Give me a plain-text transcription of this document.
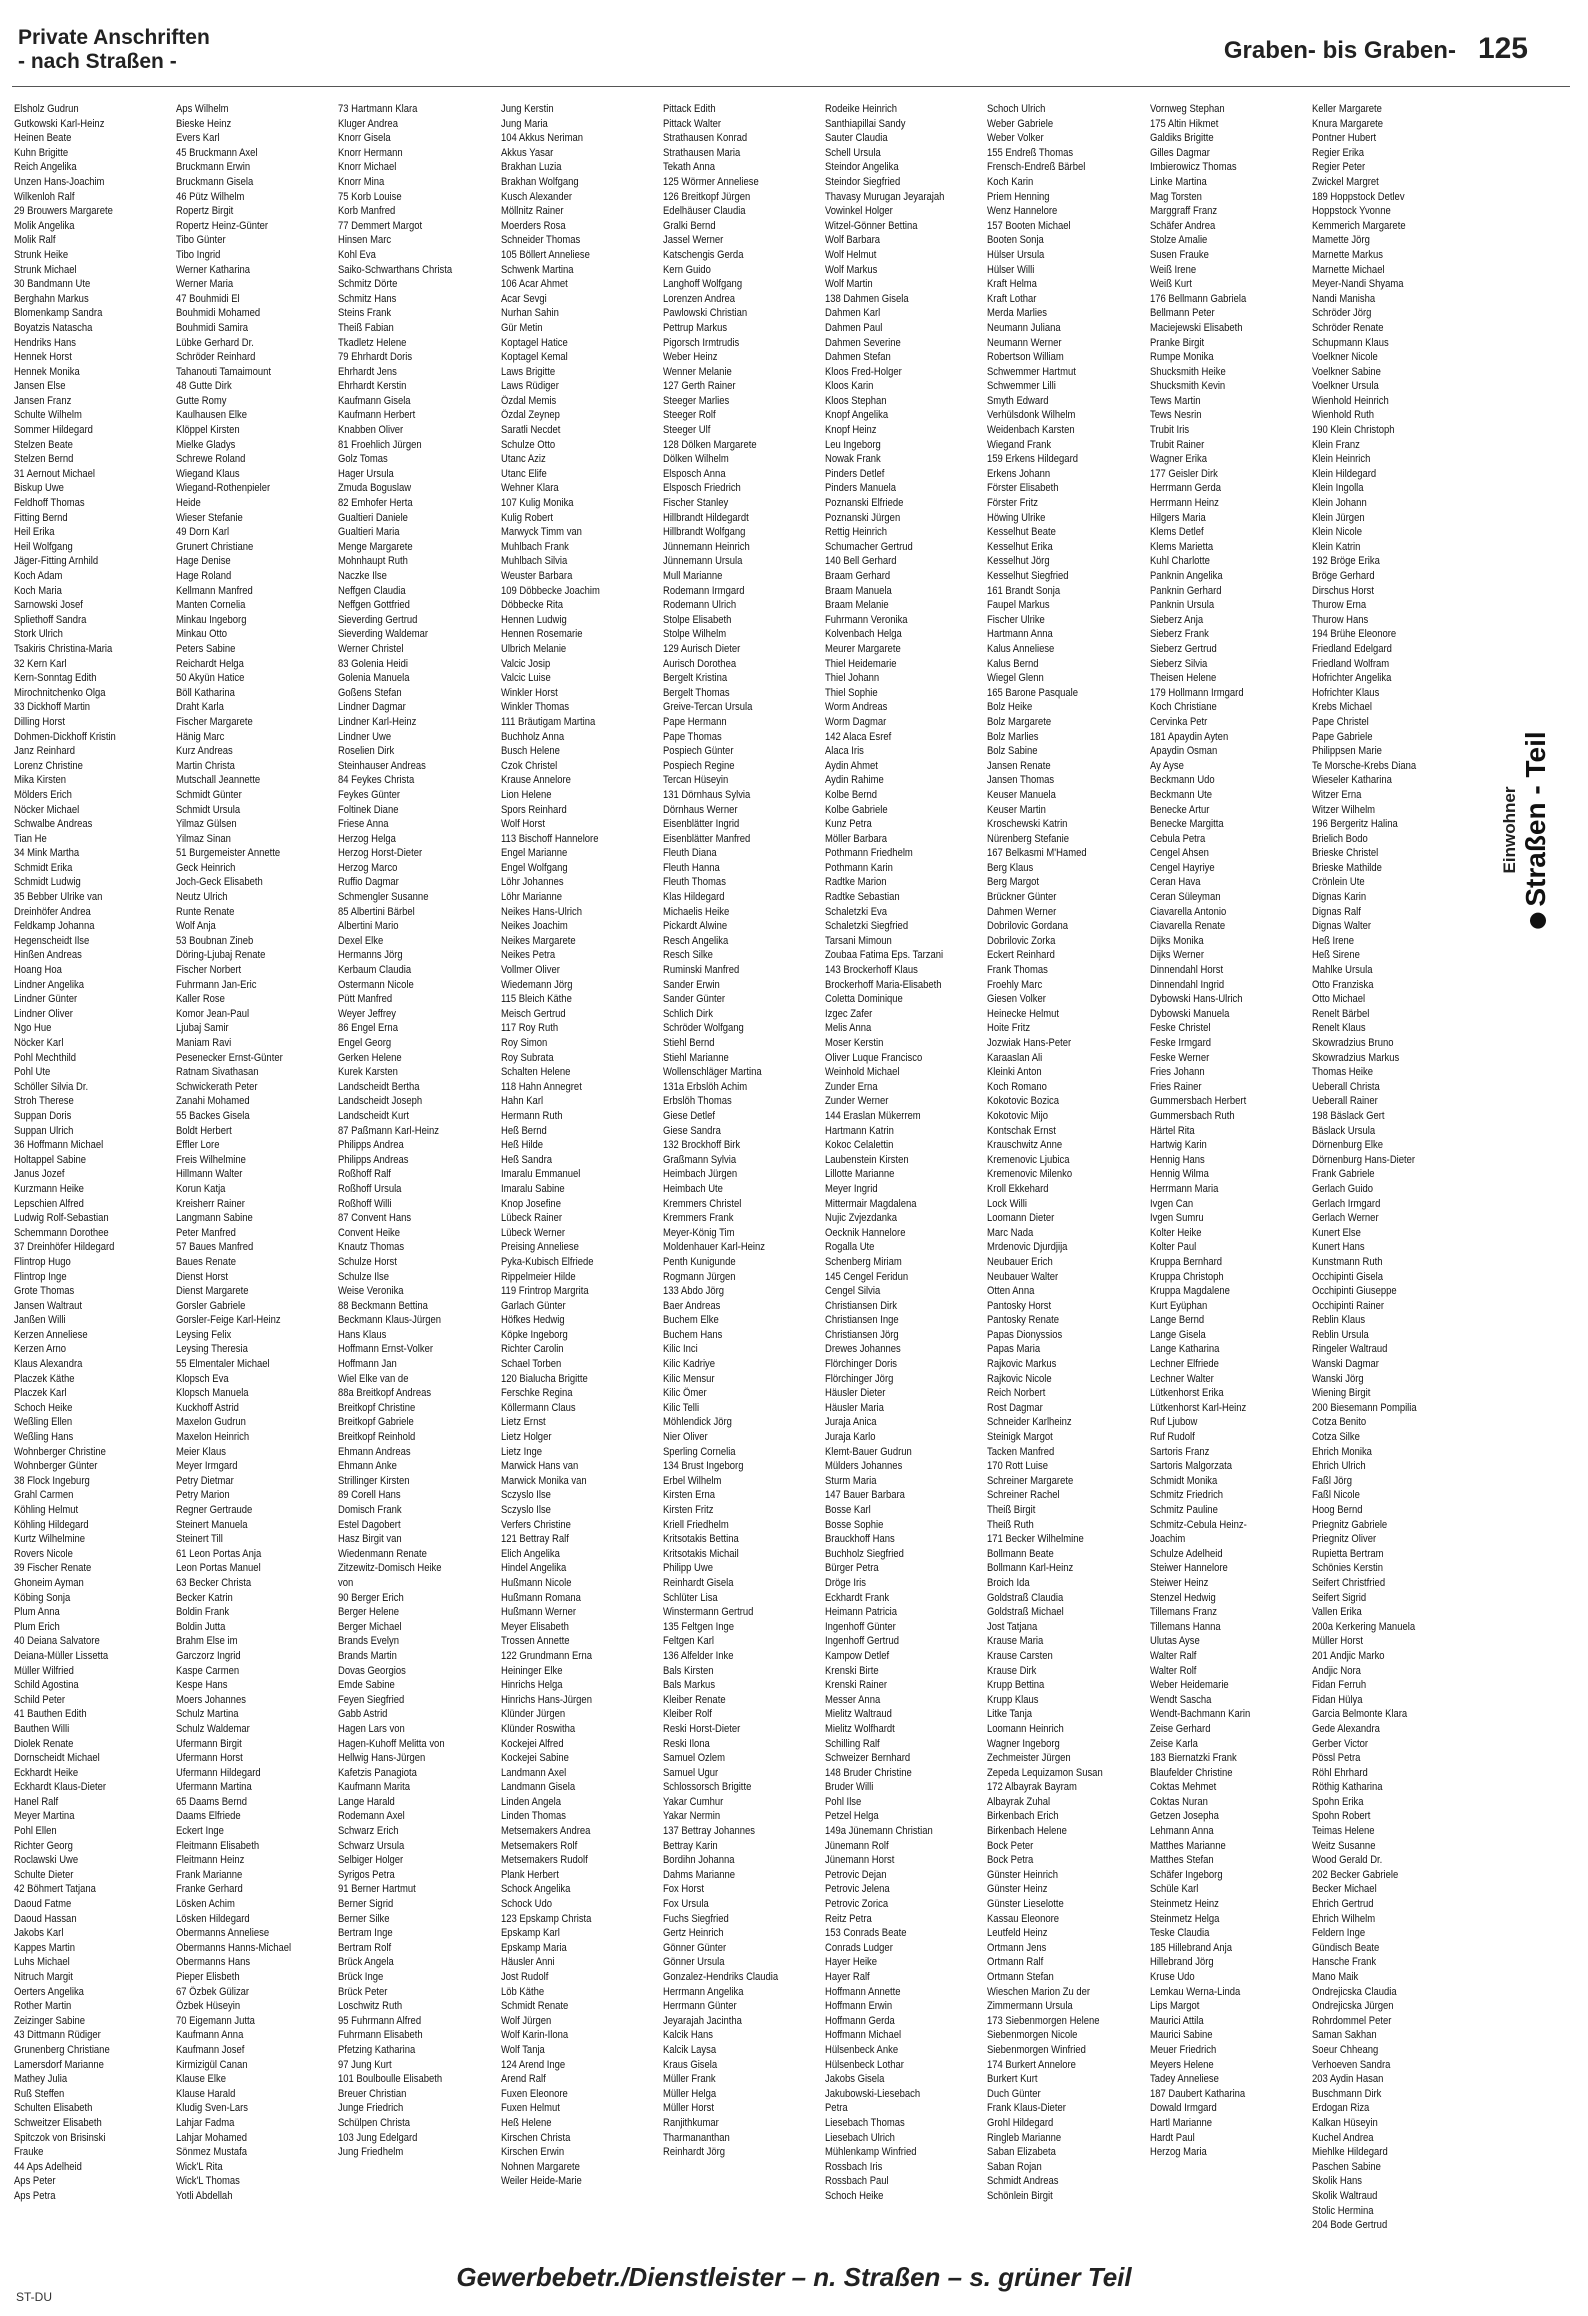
Private Anschriften
- nach Straßen -	Graben- bis Graben- 125
Elsholz Gudrun
Gutkowski Karl-Heinz
Heinen Beate
Kuhn Brigitte
Reich Angelika
Unzen Hans-Joachim
Wilkenloh Ralf
29 Brouwers Margarete
Molik Angelika
Molik Ralf
Strunk Heike
Strunk Michael
30 Bandmann Ute
Berghahn Markus
Blomenkamp Sandra
Boyatzis Natascha
Hendriks Hans
Hennek Horst
Hennek Monika
Jansen Else
Jansen Franz
Schulte Wilhelm
Sommer Hildegard
Stelzen Beate
Stelzen Bernd
31 Aernout Michael
Biskup Uwe
Feldhoff Thomas
Fitting Bernd
Heil Erika
Heil Wolfgang
Jäger-Fitting Arnhild
Koch Adam
Koch Maria
Sarnowski Josef
Spliethoff Sandra
Stork Ulrich
Tsakiris Christina-Maria
32 Kern Karl
Kern-Sonntag Edith
Mirochnitchenko Olga
33 Dickhoff Martin
Dilling Horst
Dohmen-Dickhoff Kristin
Janz Reinhard
Lorenz Christine
Mika Kirsten
Mölders Erich
Nöcker Michael
Schwalbe Andreas
Tian He
34 Mink Martha
Schmidt Erika
Schmidt Ludwig
35 Bebber Ulrike van
Dreinhöfer Andrea
Feldkamp Johanna
Hegenscheidt Ilse
Hinßen Andreas
Hoang Hoa
Lindner Angelika
Lindner Günter
Lindner Oliver
Ngo Hue
Nöcker Karl
Pohl Mechthild
Pohl Ute
Schöller Silvia Dr.
Stroh Therese
Suppan Doris
Suppan Ulrich
36 Hoffmann Michael
Holtappel Sabine
Janus Jozef
Kurzmann Heike
Lepschien Alfred
Ludwig Rolf-Sebastian
Schemmann Dorothee
37 Dreinhöfer Hildegard
Flintrop Hugo
Flintrop Inge
Grote Thomas
Jansen Waltraut
Janßen Willi
Kerzen Anneliese
Kerzen Arno
Klaus Alexandra
Placzek Käthe
Placzek Karl
Schoch Heike
Weßling Ellen
Weßling Hans
Wohnberger Christine
Wohnberger Günter
38 Flock Ingeburg
Grahl Carmen
Köhling Helmut
Köhling Hildegard
Kurtz Wilhelmine
Rovers Nicole
39 Fischer Renate
Ghoneim Ayman
Köbing Sonja
Plum Anna
Plum Erich
40 Deiana Salvatore
Deiana-Müller Lissetta
Müller Wilfried
Schild Agostina
Schild Peter
41 Bauthen Edith
Bauthen Willi
Diolek Renate
Dornscheidt Michael
Eckhardt Heike
Eckhardt Klaus-Dieter
Hanel Ralf
Meyer Martina
Pohl Ellen
Richter Georg
Roclawski Uwe
Schulte Dieter
42 Böhmert Tatjana
Daoud Fatme
Daoud Hassan
Jakobs Karl
Kappes Martin
Luhs Michael
Nitruch Margit
Oerters Angelika
Rother Martin
Zeizinger Sabine
43 Dittmann Rüdiger
Grunenberg Christiane
Lamersdorf Marianne
Mathey Julia
Ruß Steffen
Schulten Elisabeth
Schweitzer Elisabeth
Spitczok von Brisinski
Frauke
44 Aps Adelheid
Aps Peter
Aps Petra
Aps Wilhelm
Bieske Heinz
Evers Karl
45 Bruckmann Axel
Bruckmann Erwin
Bruckmann Gisela
46 Pütz Wilhelm
Ropertz Birgit
Ropertz Heinz-Günter
Tibo Günter
Tibo Ingrid
Werner Katharina
Werner Maria
47 Bouhmidi El
Bouhmidi Mohamed
Bouhmidi Samira
Lübke Gerhard Dr.
Schröder Reinhard
Tahanouti Tamaimount
48 Gutte Dirk
Gutte Romy
Kaulhausen Elke
Klöppel Kirsten
Mielke Gladys
Schrewe Roland
Wiegand Klaus
Wiegand-Rothenpieler
Heide
Wieser Stefanie
49 Dorn Karl
Grunert Christiane
Hage Denise
Hage Roland
Kellmann Manfred
Manten Cornelia
Minkau Ingeborg
Minkau Otto
Peters Sabine
Reichardt Helga
50 Akyün Hatice
Böll Katharina
Draht Karla
Fischer Margarete
Hänig Marc
Kurz Andreas
Martin Christa
Mutschall Jeannette
Schmidt Günter
Schmidt Ursula
Yilmaz Gülsen
Yilmaz Sinan
51 Burgemeister Annette
Geck Heinrich
Joch-Geck Elisabeth
Neutz Ulrich
Runte Renate
Wolf Anja
53 Boubnan Zineb
Döring-Ljubaj Renate
Fischer Norbert
Fuhrmann Jan-Eric
Kaller Rose
Komor Jean-Paul
Ljubaj Samir
Maniam Ravi
Pesenecker Ernst-Günter
Ratnam Sivathasan
Schwickerath Peter
Zanahi Mohamed
55 Backes Gisela
Boldt Herbert
Effler Lore
Freis Wilhelmine
Hillmann Walter
Korun Katja
Kreisherr Rainer
Langmann Sabine
Peter Manfred
57 Baues Manfred
Baues Renate
Dienst Horst
Dienst Margarete
Gorsler Gabriele
Gorsler-Feige Karl-Heinz
Leysing Felix
Leysing Theresia
55 Elmentaler Michael
Klopsch Eva
Klopsch Manuela
Kuckhoff Astrid
Maxelon Gudrun
Maxelon Heinrich
Meier Klaus
Meyer Irmgard
Petry Dietmar
Petry Marion
Regner Gertraude
Steinert Manuela
Steinert Till
61 Leon Portas Anja
Leon Portas Manuel
63 Becker Christa
Becker Katrin
Boldin Frank
Boldin Jutta
Brahm Else im
Garczorz Ingrid
Kaspe Carmen
Kespe Hans
Moers Johannes
Schulz Martina
Schulz Waldemar
Ufermann Birgit
Ufermann Horst
Ufermann Hildegard
Ufermann Martina
65 Daams Bernd
Daams Elfriede
Eckert Inge
Fleitmann Elisabeth
Fleitmann Heinz
Frank Marianne
Franke Gerhard
Lösken Achim
Lösken Hildegard
Obermanns Anneliese
Obermanns Hanns-Michael
Obermanns Hans
Pieper Elisbeth
67 Özbek Gülizar
Özbek Hüseyin
70 Eigemann Jutta
Kaufmann Anna
Kaufmann Josef
Kirmizigül Canan
Klause Elke
Klause Harald
Kludig Sven-Lars
Lahjar Fadma
Lahjar Mohamed
Sönmez Mustafa
Wick'L Rita
Wick'L Thomas
Yotli Abdellah
73 Hartmann Klara
Kluger Andrea
Knorr Gisela
Knorr Hermann
Knorr Michael
Knorr Mina
75 Korb Louise
Korb Manfred
77 Demmert Margot
Hinsen Marc
Kohl Eva
Saiko-Schwarthans Christa
Schmitz Dörte
Schmitz Hans
Steins Frank
Theiß Fabian
Tkadletz Helene
79 Ehrhardt Doris
Ehrhardt Jens
Ehrhardt Kerstin
Kaufmann Gisela
Kaufmann Herbert
Knabben Oliver
81 Froehlich Jürgen
Golz Tomas
Hager Ursula
Zmuda Boguslaw
82 Emhofer Herta
Gualtieri Daniele
Gualtieri Maria
Menge Margarete
Mohnhaupt Ruth
Naczke Ilse
Neffgen Claudia
Neffgen Gottfried
Sieverding Gertrud
Sieverding Waldemar
Werner Christel
83 Golenia Heidi
Golenia Manuela
Goßens Stefan
Lindner Dagmar
Lindner Karl-Heinz
Lindner Uwe
Roselien Dirk
Steinhauser Andreas
84 Feykes Christa
Feykes Günter
Foltinek Diane
Friese Anna
Herzog Helga
Herzog Horst-Dieter
Herzog Marco
Ruffio Dagmar
Schmengler Susanne
85 Albertini Bärbel
Albertini Mario
Dexel Elke
Hermanns Jörg
Kerbaum Claudia
Ostermann Nicole
Pütt Manfred
Weyer Jeffrey
86 Engel Erna
Engel Georg
Gerken Helene
Kurek Karsten
Landscheidt Bertha
Landscheidt Joseph
Landscheidt Kurt
87 Paßmann Karl-Heinz
Philipps Andrea
Philipps Andreas
Roßhoff Ralf
Roßhoff Ursula
Roßhoff Willi
87 Convent Hans
Convent Heike
Knautz Thomas
Schulze Horst
Schulze Ilse
Weise Veronika
88 Beckmann Bettina
Beckmann Klaus-Jürgen
Hans Klaus
Hoffmann Ernst-Volker
Hoffmann Jan
Wiel Elke van de
88a Breitkopf Andreas
Breitkopf Christine
Breitkopf Gabriele
Breitkopf Reinhold
Ehmann Andreas
Ehmann Anke
Strillinger Kirsten
89 Corell Hans
Domisch Frank
Estel Dagobert
Hasz Birgit van
Wiedenmann Renate
Zitzewitz-Domisch Heike
von
90 Berger Erich
Berger Helene
Berger Michael
Brands Evelyn
Brands Martin
Dovas Georgios
Emde Sabine
Feyen Siegfried
Gabb Astrid
Hagen Lars von
Hagen-Kuhoff Melitta von
Hellwig Hans-Jürgen
Kafetzis Panagiota
Kaufmann Marita
Lange Harald
Rodemann Axel
Schwarz Erich
Schwarz Ursula
Selbiger Holger
Syrigos Petra
91 Berner Hartmut
Berner Sigrid
Berner Silke
Bertram Inge
Bertram Rolf
Brück Angela
Brück Inge
Brück Peter
Loschwitz Ruth
95 Fuhrmann Alfred
Fuhrmann Elisabeth
Pfetzing Katharina
97 Jung Kurt
101 Boulboulle Elisabeth
Breuer Christian
Junge Friedrich
Schülpen Christa
103 Jung Edelgard
Jung Friedhelm
Jung Kerstin
Jung Maria
104 Akkus Neriman
Akkus Yasar
Brakhan Luzia
Brakhan Wolfgang
Kusch Alexander
Möllnitz Rainer
Moerders Rosa
Schneider Thomas
105 Böllert Anneliese
Schwenk Martina
106 Acar Ahmet
Acar Sevgi
Nurhan Sahin
Gür Metin
Koptagel Hatice
Koptagel Kemal
Laws Brigitte
Laws Rüdiger
Özdal Memis
Özdal Zeynep
Saratli Necdet
Schulze Otto
Utanc Aziz
Utanc Elife
Wehner Klara
107 Kulig Monika
Kulig Robert
Marwyck Timm van
Muhlbach Frank
Muhlbach Silvia
Weuster Barbara
109 Döbbecke Joachim
Döbbecke Rita
Hennen Ludwig
Hennen Rosemarie
Ulbrich Melanie
Valcic Josip
Valcic Luise
Winkler Horst
Winkler Thomas
111 Bräutigam Martina
Buchholz Anna
Busch Helene
Czok Christel
Krause Annelore
Lion Helene
Spors Reinhard
Wolf Horst
113 Bischoff Hannelore
Engel Marianne
Engel Wolfgang
Löhr Johannes
Löhr Marianne
Neikes Hans-Ulrich
Neikes Joachim
Neikes Margarete
Neikes Petra
Vollmer Oliver
Wiedemann Jörg
115 Bleich Käthe
Meisch Gertrud
117 Roy Ruth
Roy Simon
Roy Subrata
Schalten Helene
118 Hahn Annegret
Hahn Karl
Hermann Ruth
Heß Bernd
Heß Hilde
Heß Sandra
Imaralu Emmanuel
Imaralu Sabine
Knop Josefine
Lübeck Rainer
Lübeck Werner
Preising Anneliese
Pyka-Kubisch Elfriede
Rippelmeier Hilde
119 Frintrop Margrita
Garlach Günter
Höfkes Hedwig
Köpke Ingeborg
Richter Carolin
Schael Torben
120 Bialucha Brigitte
Ferschke Regina
Köllermann Claus
Lietz Ernst
Lietz Holger
Lietz Inge
Marwick Hans van
Marwick Monika van
Sczyslo Ilse
Sczyslo Ilse
Verfers Christine
121 Bettray Ralf
Elich Angelika
Hindel Angelika
Hußmann Nicole
Hußmann Romana
Hußmann Werner
Meyer Elisabeth
Trossen Annette
122 Grundmann Erna
Heininger Elke
Hinrichs Helga
Hinrichs Hans-Jürgen
Klünder Jürgen
Klünder Roswitha
Kockejei Alfred
Kockejei Sabine
Landmann Axel
Landmann Gisela
Linden Angela
Linden Thomas
Metsemakers Andrea
Metsemakers Rolf
Metsemakers Rudolf
Plank Herbert
Schock Angelika
Schock Udo
123 Epskamp Christa
Epskamp Karl
Epskamp Maria
Häusler Anni
Jost Rudolf
Löb Käthe
Schmidt Renate
Wolf Jürgen
Wolf Karin-Ilona
Wolf Tanja
124 Arend Inge
Arend Ralf
Fuxen Eleonore
Fuxen Helmut
Heß Helene
Kirschen Christa
Kirschen Erwin
Nohnen Margarete
Weiler Heide-Marie
Pittack Edith
Pittack Walter
Strathausen Konrad
Strathausen Maria
Tekath Anna
125 Wörmer Anneliese
126 Breitkopf Jürgen
Edelhäuser Claudia
Gralki Bernd
Jassel Werner
Katschengis Gerda
Kern Guido
Langhoff Wolfgang
Lorenzen Andrea
Pawlowski Christian
Pettrup Markus
Pigorsch Irmtrudis
Weber Heinz
Wenner Melanie
127 Gerth Rainer
Steeger Marlies
Steeger Rolf
Steeger Ulf
128 Dölken Margarete
Dölken Wilhelm
Elsposch Anna
Elsposch Friedrich
Fischer Stanley
Hillbrandt Hildegardt
Hillbrandt Wolfgang
Jünnemann Heinrich
Jünnemann Ursula
Mull Marianne
Rodemann Irmgard
Rodemann Ulrich
Stolpe Elisabeth
Stolpe Wilhelm
129 Aurisch Dieter
Aurisch Dorothea
Bergelt Kristina
Bergelt Thomas
Greive-Tercan Ursula
Pape Hermann
Pape Thomas
Pospiech Günter
Pospiech Regine
Tercan Hüseyin
131 Dörnhaus Sylvia
Dörnhaus Werner
Eisenblätter Ingrid
Eisenblätter Manfred
Fleuth Diana
Fleuth Hanna
Fleuth Thomas
Klas Hildegard
Michaelis Heike
Pickardt Alwine
Resch Angelika
Resch Silke
Ruminski Manfred
Sander Erwin
Sander Günter
Schlich Dirk
Schröder Wolfgang
Stiehl Bernd
Stiehl Marianne
Wollenschläger Martina
131a Erbslöh Achim
Erbslöh Thomas
Giese Detlef
Giese Sandra
132 Brockhoff Birk
Graßmann Sylvia
Heimbach Jürgen
Heimbach Ute
Kremmers Christel
Kremmers Frank
Meyer-König Tim
Moldenhauer Karl-Heinz
Penth Kunigunde
Rogmann Jürgen
133 Abdo Jörg
Baer Andreas
Buchem Elke
Buchem Hans
Kilic Inci
Kilic Kadriye
Kilic Mensur
Kilic Ömer
Kilic Telli
Möhlendick Jörg
Nier Oliver
Sperling Cornelia
134 Brust Ingeborg
Erbel Wilhelm
Kirsten Erna
Kirsten Fritz
Kriell Friedhelm
Kritsotakis Bettina
Kritsotakis Michail
Philipp Uwe
Reinhardt Gisela
Schlüter Lisa
Winstermann Gertrud
135 Feltgen Inge
Feltgen Karl
136 Alfelder Inke
Bals Kirsten
Bals Markus
Kleiber Renate
Kleiber Rolf
Reski Horst-Dieter
Reski Ilona
Samuel Ozlem
Samuel Ugur
Schlossorsch Brigitte
Yakar Cumhur
Yakar Nermin
137 Bettray Johannes
Bettray Karin
Bordihn Johanna
Dahms Marianne
Fox Horst
Fox Ursula
Fuchs Siegfried
Gertz Heinrich
Gönner Günter
Gönner Ursula
Gonzalez-Hendriks Claudia
Herrmann Angelika
Herrmann Günter
Jeyarajah Jacintha
Kalcik Hans
Kalcik Laysa
Kraus Gisela
Müller Frank
Müller Helga
Müller Horst
Ranjithkumar
Tharmananthan
Reinhardt Jörg
Rodeike Heinrich
Santhiapillai Sandy
Sauter Claudia
Schell Ursula
Steindor Angelika
Steindor Siegfried
Thavasy Murugan Jeyarajah
Vowinkel Holger
Witzel-Gönner Bettina
Wolf Barbara
Wolf Helmut
Wolf Markus
Wolf Martin
138 Dahmen Gisela
Dahmen Karl
Dahmen Paul
Dahmen Severine
Dahmen Stefan
Kloos Fred-Holger
Kloos Karin
Kloos Stephan
Knopf Angelika
Knopf Heinz
Leu Ingeborg
Nowak Frank
Pinders Detlef
Pinders Manuela
Poznanski Elfriede
Poznanski Jürgen
Rettig Heinrich
Schumacher Gertrud
140 Bell Gerhard
Braam Gerhard
Braam Manuela
Braam Melanie
Fuhrmann Veronika
Kolvenbach Helga
Meurer Margarete
Thiel Heidemarie
Thiel Johann
Thiel Sophie
Worm Andreas
Worm Dagmar
142 Alaca Esref
Alaca Iris
Aydin Ahmet
Aydin Rahime
Kolbe Bernd
Kolbe Gabriele
Kunz Petra
Möller Barbara
Pothmann Friedhelm
Pothmann Karin
Radtke Marion
Radtke Sebastian
Schaletzki Eva
Schaletzki Siegfried
Tarsani Mimoun
Zoubaa Fatima Eps. Tarzani
143 Brockerhoff Klaus
Brockerhoff Maria-Elisabeth
Coletta Dominique
Izgec Zafer
Melis Anna
Moser Kerstin
Oliver Luque Francisco
Weinhold Michael
Zunder Erna
Zunder Werner
144 Eraslan Mükerrem
Hartmann Katrin
Kokoc Celalettin
Laubenstein Kirsten
Lillotte Marianne
Meyer Ingrid
Mittermair Magdalena
Nujic Zvjezdanka
Oecknik Hannelore
Rogalla Ute
Schenberg Miriam
145 Cengel Feridun
Cengel Silvia
Christiansen Dirk
Christiansen Inge
Christiansen Jörg
Drewes Johannes
Flörchinger Doris
Flörchinger Jörg
Häusler Dieter
Häusler Maria
Juraja Anica
Juraja Karlo
Klemt-Bauer Gudrun
Mülders Johannes
Sturm Maria
147 Bauer Barbara
Bosse Karl
Bosse Sophie
Brauckhoff Hans
Buchholz Siegfried
Bürger Petra
Dröge Iris
Eckhardt Frank
Heimann Patricia
Ingenhoff Günter
Ingenhoff Gertrud
Kampow Detlef
Krenski Birte
Krenski Rainer
Messer Anna
Mielitz Waltraud
Mielitz Wolfhardt
Schilling Ralf
Schweizer Bernhard
148 Bruder Christine
Bruder Willi
Pohl Ilse
Petzel Helga
149a Jünemann Christian
Jünemann Rolf
Jünemann Horst
Petrovic Dejan
Petrovic Jelena
Petrovic Zorica
Reitz Petra
153 Conrads Beate
Conrads Ludger
Hayer Heike
Hayer Ralf
Hoffmann Annette
Hoffmann Erwin
Hoffmann Gerda
Hoffmann Michael
Hülsenbeck Anke
Hülsenbeck Lothar
Jakobs Gisela
Jakubowski-Liesebach
Petra
Liesebach Thomas
Liesebach Ulrich
Mühlenkamp Winfried
Rossbach Iris
Rossbach Paul
Schoch Heike
Schoch Ulrich
Weber Gabriele
Weber Volker
155 Endreß Thomas
Frensch-Endreß Bärbel
Koch Karin
Priem Henning
Wenz Hannelore
157 Booten Michael
Booten Sonja
Hülser Ursula
Hülser Willi
Kraft Helma
Kraft Lothar
Merda Marlies
Neumann Juliana
Neumann Werner
Robertson William
Schwemmer Hartmut
Schwemmer Lilli
Smyth Edward
Verhülsdonk Wilhelm
Weidenbach Karsten
Wiegand Frank
159 Erkens Hildegard
Erkens Johann
Förster Elisabeth
Förster Fritz
Höwing Ulrike
Kesselhut Beate
Kesselhut Erika
Kesselhut Jörg
Kesselhut Siegfried
161 Brandt Sonja
Faupel Markus
Fischer Ulrike
Hartmann Anna
Kalus Anneliese
Kalus Bernd
Wiegel Glenn
165 Barone Pasquale
Bolz Heike
Bolz Margarete
Bolz Marlies
Bolz Sabine
Jansen Renate
Jansen Thomas
Keuser Manuela
Keuser Martin
Kroschewski Katrin
Nürenberg Stefanie
167 Belkasmi M'Hamed
Berg Klaus
Berg Margot
Brückner Günter
Dahmen Werner
Dobrilovic Gordana
Dobrilovic Zorka
Eckert Reinhard
Frank Thomas
Froehly Marc
Giesen Volker
Heinecke Helmut
Hoite Fritz
Jozwiak Hans-Peter
Karaaslan Ali
Kleinki Anton
Koch Romano
Kokotovic Bozica
Kokotovic Mijo
Kontschak Ernst
Krauschwitz Anne
Kremenovic Ljubica
Kremenovic Milenko
Kroll Ekkehard
Lock Willi
Loomann Dieter
Marc Nada
Mrdenovic Djurdjija
Neubauer Erich
Neubauer Walter
Otten Anna
Pantosky Horst
Pantosky Renate
Papas Dionyssios
Papas Maria
Rajkovic Markus
Rajkovic Nicole
Reich Norbert
Rost Dagmar
Schneider Karlheinz
Steinigk Margot
Tacken Manfred
170 Rott Luise
Schreiner Margarete
Schreiner Rachel
Theiß Birgit
Theiß Ruth
171 Becker Wilhelmine
Bollmann Beate
Bollmann Karl-Heinz
Broich Ida
Goldstraß Claudia
Goldstraß Michael
Jost Tatjana
Krause Maria
Krause Carsten
Krause Dirk
Krupp Bettina
Krupp Klaus
Litke Tanja
Loomann Heinrich
Wagner Ingeborg
Zechmeister Jürgen
Zepeda Lequizamon Susan
172 Albayrak Bayram
Albayrak Zuhal
Birkenbach Erich
Birkenbach Helene
Bock Peter
Bock Petra
Günster Heinrich
Günster Heinz
Günster Lieselotte
Kassau Eleonore
Leutfeld Heinz
Ortmann Jens
Ortmann Ralf
Ortmann Stefan
Wieschen Marion Zu der
Zimmermann Ursula
173 Siebenmorgen Helene
Siebenmorgen Nicole
Siebenmorgen Winfried
174 Burkert Annelore
Burkert Kurt
Duch Günter
Frank Klaus-Dieter
Grohl Hildegard
Ringleb Marianne
Saban Elizabeta
Saban Rojan
Schmidt Andreas
Schönlein Birgit
Vornweg Stephan
175 Altin Hikmet
Galdiks Brigitte
Gilles Dagmar
Imbierowicz Thomas
Linke Martina
Mag Torsten
Marggraff Franz
Schäfer Andrea
Stolze Amalie
Susen Frauke
Weiß Irene
Weiß Kurt
176 Bellmann Gabriela
Bellmann Peter
Maciejewski Elisabeth
Pranke Birgit
Rumpe Monika
Shucksmith Heike
Shucksmith Kevin
Tews Martin
Tews Nesrin
Trubit Iris
Trubit Rainer
Wagner Erika
177 Geisler Dirk
Herrmann Gerda
Herrmann Heinz
Hilgers Maria
Klems Detlef
Klems Marietta
Kuhl Charlotte
Panknin Angelika
Panknin Gerhard
Panknin Ursula
Sieberz Anja
Sieberz Frank
Sieberz Gertrud
Sieberz Silvia
Theisen Helene
179 Hollmann Irmgard
Koch Christiane
Cervinka Petr
181 Apaydin Ayten
Apaydin Osman
Ay Ayse
Beckmann Udo
Beckmann Ute
Benecke Artur
Benecke Margitta
Cebula Petra
Cengel Ahsen
Cengel Hayriye
Ceran Hava
Ceran Süleyman
Ciavarella Antonio
Ciavarella Renate
Dijks Monika
Dijks Werner
Dinnendahl Horst
Dinnendahl Ingrid
Dybowski Hans-Ulrich
Dybowski Manuela
Feske Christel
Feske Irmgard
Feske Werner
Fries Johann
Fries Rainer
Gummersbach Herbert
Gummersbach Ruth
Härtel Rita
Hartwig Karin
Hennig Hans
Hennig Wilma
Herrmann Maria
Ivgen Can
Ivgen Sumru
Kolter Heike
Kolter Paul
Kruppa Bernhard
Kruppa Christoph
Kruppa Magdalene
Kurt Eyüphan
Lange Bernd
Lange Gisela
Lange Katharina
Lechner Elfriede
Lechner Walter
Lütkenhorst Erika
Lütkenhorst Karl-Heinz
Ruf Ljubow
Ruf Rudolf
Sartoris Franz
Sartoris Malgorzata
Schmidt Monika
Schmitz Friedrich
Schmitz Pauline
Schmitz-Cebula Heinz-
Joachim
Schulze Adelheid
Steiwer Hannelore
Steiwer Heinz
Stenzel Hedwig
Tillemans Franz
Tillemans Hanna
Ulutas Ayse
Walter Ralf
Walter Rolf
Weber Heidemarie
Wendt Sascha
Wendt-Bachmann Karin
Zeise Gerhard
Zeise Karla
183 Biernatzki Frank
Blaufelder Christine
Coktas Mehmet
Coktas Nuran
Getzen Josepha
Lehmann Anna
Matthes Marianne
Matthes Stefan
Schäfer Ingeborg
Schüle Karl
Steinmetz Heinz
Steinmetz Helga
Teske Claudia
185 Hillebrand Anja
Hillebrand Jörg
Kruse Udo
Lemkau Werna-Linda
Lips Margot
Maurici Attila
Maurici Sabine
Meuer Friedrich
Meyers Helene
Tadey Anneliese
187 Daubert Katharina
Dowald Irmgard
Hartl Marianne
Hardt Paul
Herzog Maria
Keller Margarete
Knura Margarete
Pontner Hubert
Regier Erika
Regier Peter
Zwickel Margret
189 Hoppstock Detlev
Hoppstock Yvonne
Kemmerich Margarete
Mamette Jörg
Marnette Markus
Marnette Michael
Meyer-Nandi Shyama
Nandi Manisha
Schröder Jörg
Schröder Renate
Schupmann Klaus
Voelkner Nicole
Voelkner Sabine
Voelkner Ursula
Wienhold Heinrich
Wienhold Ruth
190 Klein Christoph
Klein Franz
Klein Heinrich
Klein Hildegard
Klein Ingolla
Klein Johann
Klein Jürgen
Klein Nicole
Klein Katrin
192 Bröge Erika
Bröge Gerhard
Dirschus Horst
Thurow Erna
Thurow Hans
194 Brühe Eleonore
Friedland Edelgard
Friedland Wolfram
Hofrichter Angelika
Hofrichter Klaus
Krebs Michael
Pape Christel
Pape Gabriele
Philippsen Marie
Te Morsche-Krebs Diana
Wieseler Katharina
Witzer Erna
Witzer Wilhelm
196 Bergeritz Halina
Brielich Bodo
Brieske Christel
Brieske Mathilde
Crönlein Ute
Dignas Karin
Dignas Ralf
Dignas Walter
Heß Irene
Heß Sirene
Mahlke Ursula
Otto Franziska
Otto Michael
Renelt Bärbel
Renelt Klaus
Skowradzius Bruno
Skowradzius Markus
Thomas Heike
Ueberall Christa
Ueberall Rainer
198 Bäslack Gert
Bäslack Ursula
Dörnenburg Elke
Dörnenburg Hans-Dieter
Frank Gabriele
Gerlach Guido
Gerlach Irmgard
Gerlach Werner
Kunert Else
Kunert Hans
Kunstmann Ruth
Occhipinti Gisela
Occhipinti Giuseppe
Occhipinti Rainer
Reblin Klaus
Reblin Ursula
Ringeler Waltraud
Wanski Dagmar
Wanski Jörg
Wiening Birgit
200 Biesemann Pompilia
Cotza Benito
Cotza Silke
Ehrich Monika
Ehrich Ulrich
Faßl Jörg
Faßl Nicole
Hoog Bernd
Priegnitz Gabriele
Priegnitz Oliver
Rupietta Bertram
Schönies Kerstin
Seifert Christfried
Seifert Sigrid
Vallen Erika
200a Kerkering Manuela
Müller Horst
201 Andjic Marko
Andjic Nora
Fidan Ferruh
Fidan Hülya
Garcia Belmonte Klara
Gede Alexandra
Gerber Victor
Pössl Petra
Röhl Ehrhard
Röthig Katharina
Spohn Erika
Spohn Robert
Teimas Helene
Weitz Susanne
Wood Gerald Dr.
202 Becker Gabriele
Becker Michael
Ehrich Gertrud
Ehrich Wilhelm
Feldern Inge
Gündisch Beate
Hansche Frank
Mano Maik
Ondrejicska Claudia
Ondrejicska Jürgen
Rohrdommel Peter
Saman Sakhan
Soeur Chheang
Verhoeven Sandra
203 Aydin Hasan
Buschmann Dirk
Erdogan Riza
Kalkan Hüseyin
Kuchel Andrea
Miehlke Hildegard
Paschen Sabine
Skolik Hans
Skolik Waltraud
Stolic Hermina
204 Bode Gertrud
Einwohner Straßen - Teil
Gewerbebetr./Dienstleister – n. Straßen – s. grüner Teil
ST-DU
